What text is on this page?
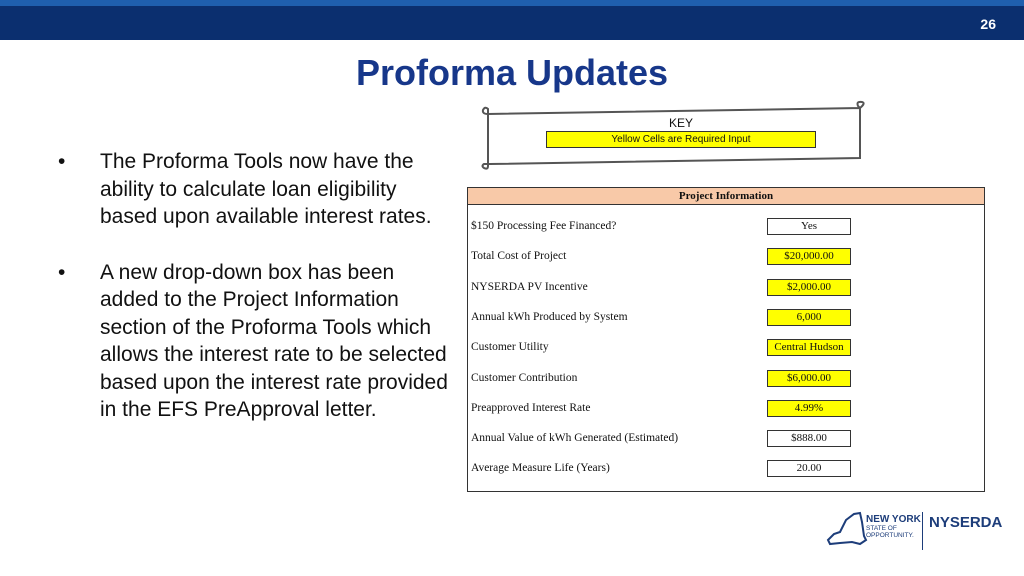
26
Proforma Updates
• The Proforma Tools now have the ability to calculate loan eligibility based upon available interest rates.
• A new drop-down box has been added to the Project Information section of the Proforma Tools which allows the interest rate to be selected based upon the interest rate provided in the EFS PreApproval letter.
KEY
Yellow Cells are Required Input
Project Information
$150 Processing Fee Financed?	Yes
Total Cost of Project	$20,000.00
NYSERDA PV Incentive	$2,000.00
Annual kWh Produced by System	6,000
Customer Utility	Central Hudson
Customer Contribution	$6,000.00
Preapproved Interest Rate	4.99%
Annual Value of kWh Generated (Estimated)	$888.00
Average Measure Life (Years)	20.00
NEW YORK
STATE OF
OPPORTUNITY.
NYSERDA
